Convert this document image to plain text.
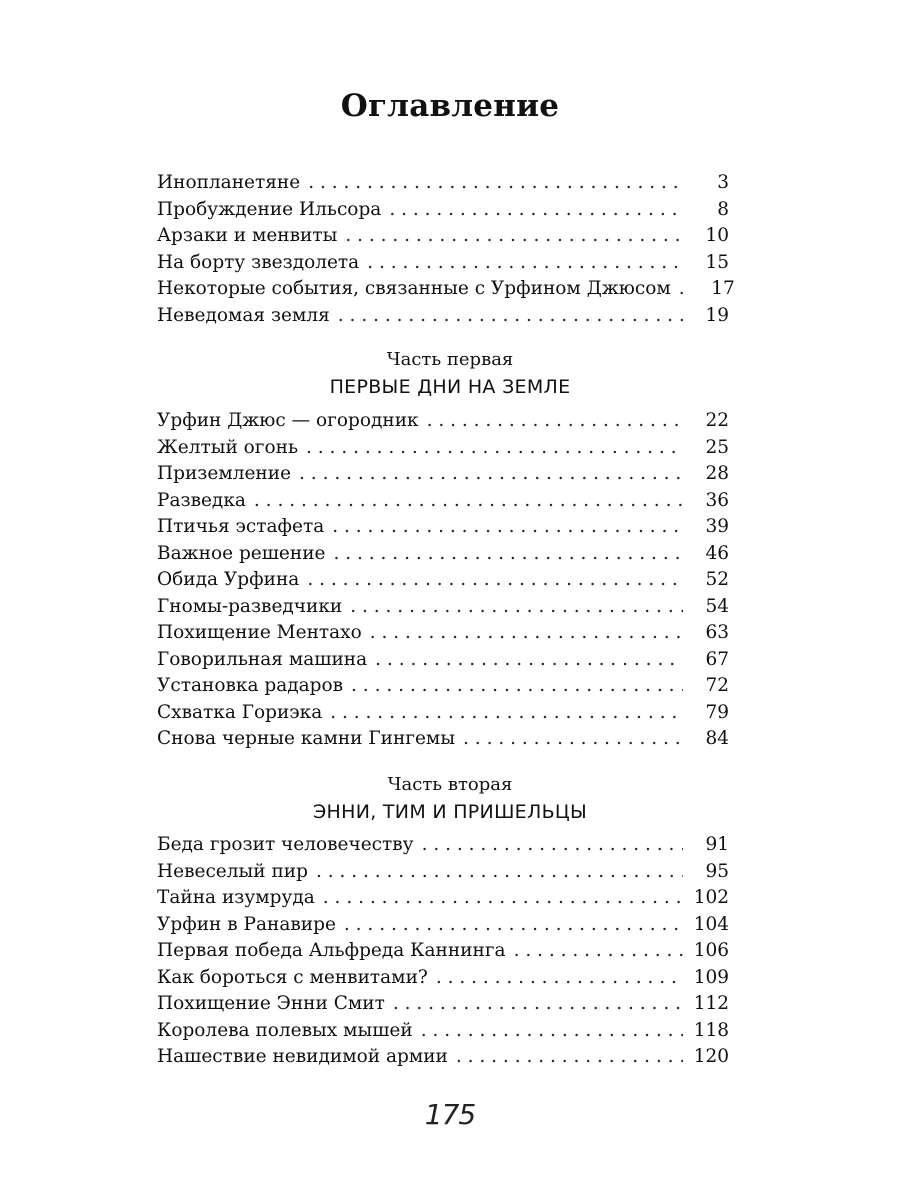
Оглавление
Инопланетяне . . .	3
Пробуждение Ильсора . . .	8
Арзаки и менвиты . . .	10
На борту звездолета . . .	15
Некоторые события, связанные с Урфином Джюсом . . .	17
Неведомая земля . . .	19
Часть первая
ПЕРВЫЕ ДНИ НА ЗЕМЛЕ
Урфин Джюс — огородник . . .	22
Желтый огонь . . .	25
Приземление . . .	28
Разведка . . .	36
Птичья эстафета . . .	39
Важное решение . . .	46
Обида Урфина . . .	52
Гномы-разведчики . . .	54
Похищение Ментахо . . .	63
Говорильная машина . . .	67
Установка радаров . . .	72
Схватка Гориэка . . .	79
Снова черные камни Гингемы . . .	84
Часть вторая
ЭННИ, ТИМ И ПРИШЕЛЬЦЫ
Беда грозит человечеству . . .	91
Невеселый пир . . .	95
Тайна изумруда . . .	102
Урфин в Ранавире . . .	104
Первая победа Альфреда Каннинга . . .	106
Как бороться с менвитами? . . .	109
Похищение Энни Смит . . .	112
Королева полевых мышей . . .	118
Нашествие невидимой армии . . .	120
175
